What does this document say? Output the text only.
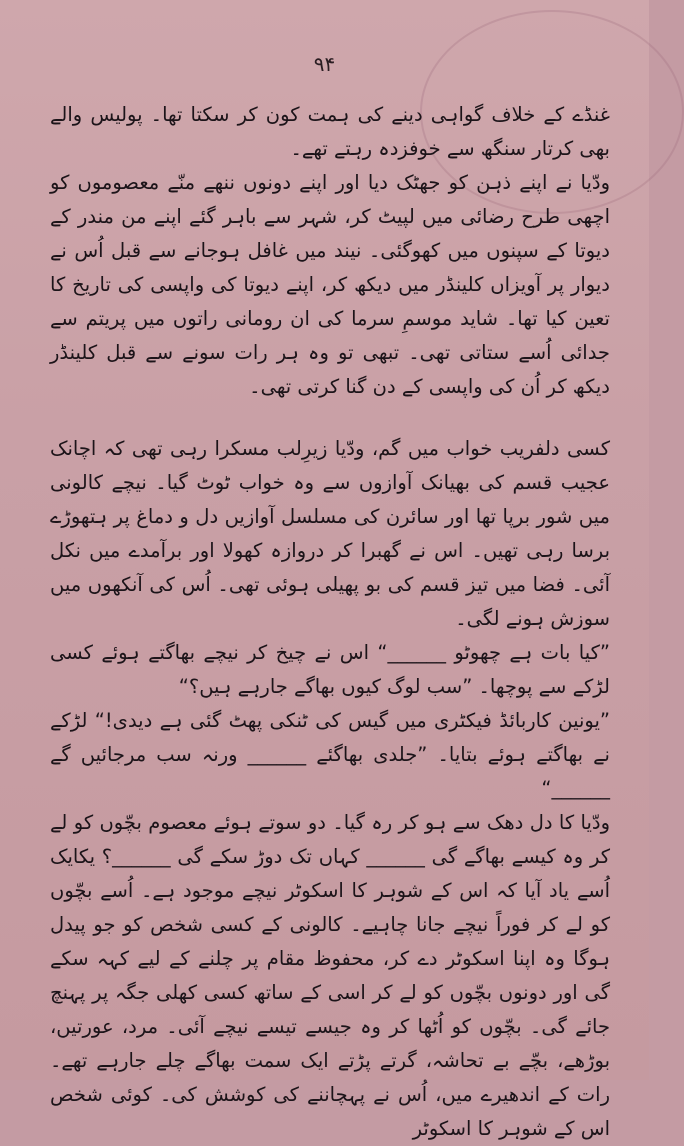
۹۴

غنڈے کے خلاف گواہی دینے کی ہمت کون کر سکتا تھا۔ پولیس والے بھی کرتار سنگھ سے خوفزدہ رہتے تھے۔

ودّیا نے اپنے ذہن کو جھٹک دیا اور اپنے دونوں ننھے منّے معصوموں کو اچھی طرح رضائی میں لپیٹ کر، شہر سے باہر گئے اپنے من مندر کے دیوتا کے سپنوں میں کھوگئی۔ نیند میں غافل ہوجانے سے قبل اُس نے دیوار پر آویزاں کلینڈر میں دیکھ کر، اپنے دیوتا کی واپسی کی تاریخ کا تعین کیا تھا۔ شاید موسمِ سرما کی ان رومانی راتوں میں پریتم سے جدائی اُسے ستاتی تھی۔ تبھی تو وہ ہر رات سونے سے قبل کلینڈر دیکھ کر اُن کی واپسی کے دن گنا کرتی تھی۔

کسی دلفریب خواب میں گم، ودّیا زیرِلب مسکرا رہی تھی کہ اچانک عجیب قسم کی بھیانک آوازوں سے وہ خواب ٹوٹ گیا۔ نیچے کالونی میں شور برپا تھا اور سائرن کی مسلسل آوازیں دل و دماغ پر ہتھوڑے برسا رہی تھیں۔ اس نے گھبرا کر دروازہ کھولا اور برآمدے میں نکل آئی۔ فضا میں تیز قسم کی بو پھیلی ہوئی تھی۔ اُس کی آنکھوں میں سوزش ہونے لگی۔

”کیا بات ہے چھوٹو ______“ اس نے چیخ کر نیچے بھاگتے ہوئے کسی لڑکے سے پوچھا۔ ”سب لوگ کیوں بھاگے جارہے ہیں؟“

”یونین کاربائڈ فیکٹری میں گیس کی ٹنکی پھٹ گئی ہے دیدی!“ لڑکے نے بھاگتے ہوئے بتایا۔ ”جلدی بھاگئے ______ ورنہ سب مرجائیں گے ______“

ودّیا کا دل دھک سے ہو کر رہ گیا۔ دو سوتے ہوئے معصوم بچّوں کو لے کر وہ کیسے بھاگے گی ______ کہاں تک دوڑ سکے گی ______؟ یکایک اُسے یاد آیا کہ اس کے شوہر کا اسکوٹر نیچے موجود ہے۔ اُسے بچّوں کو لے کر فوراً نیچے جانا چاہیے۔ کالونی کے کسی شخص کو جو پیدل ہوگا وہ اپنا اسکوٹر دے کر، محفوظ مقام پر چلنے کے لیے کہہ سکے گی اور دونوں بچّوں کو لے کر اسی کے ساتھ کسی کھلی جگہ پر پہنچ جائے گی۔ بچّوں کو اُٹھا کر وہ جیسے تیسے نیچے آئی۔ مرد، عورتیں، بوڑھے، بچّے بے تحاشہ، گرتے پڑتے ایک سمت بھاگے چلے جارہے تھے۔ رات کے اندھیرے میں، اُس نے پہچاننے کی کوشش کی۔ کوئی شخص اس کے شوہر کا اسکوٹر
